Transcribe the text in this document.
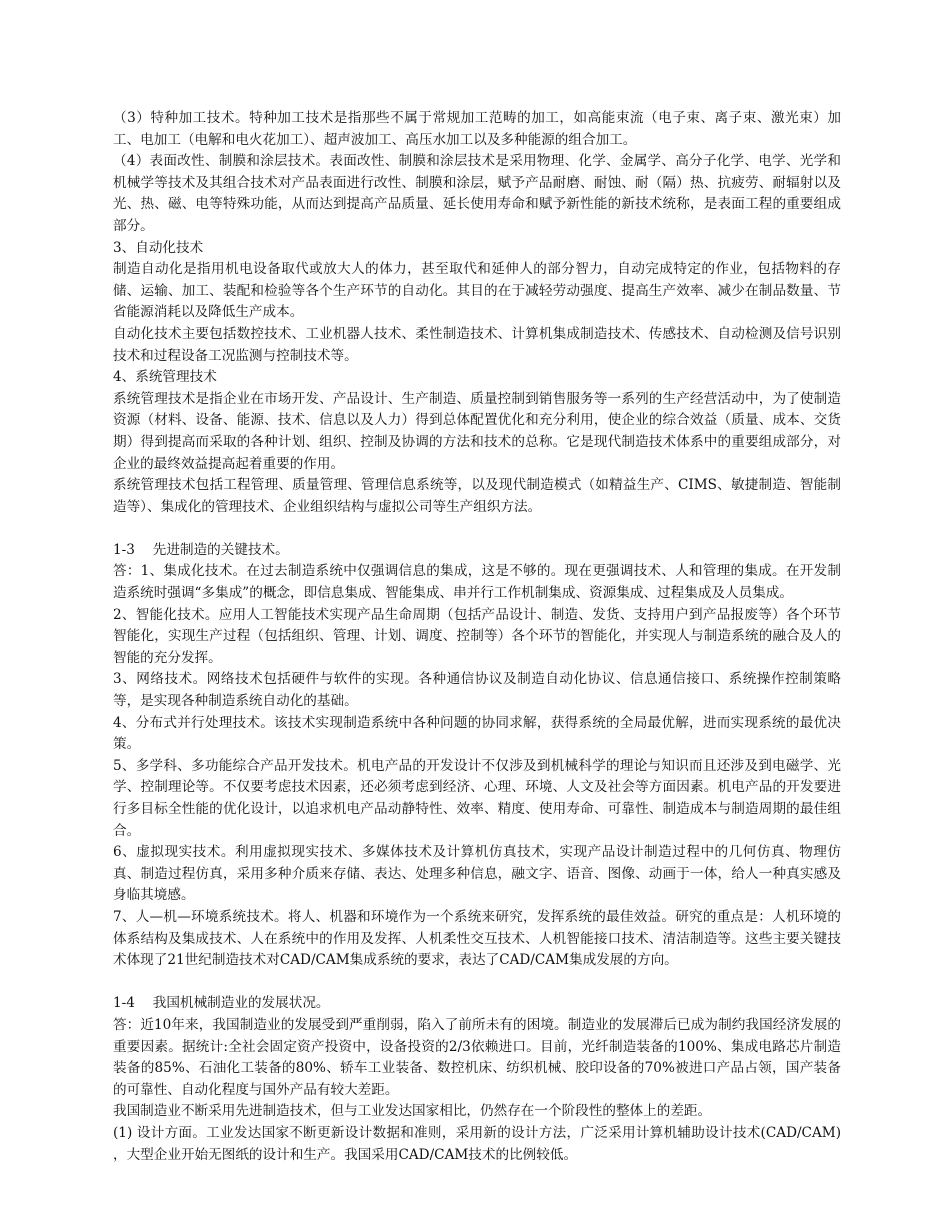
（3）特种加工技术。特种加工技术是指那些不属于常规加工范畴的加工，如高能束流（电子束、离子束、激光束）加工、电加工（电解和电火花加工）、超声波加工、高压水加工以及多种能源的组合加工。

（4）表面改性、制膜和涂层技术。表面改性、制膜和涂层技术是采用物理、化学、金属学、高分子化学、电学、光学和机械学等技术及其组合技术对产品表面进行改性、制膜和涂层，赋予产品耐磨、耐蚀、耐（隔）热、抗疲劳、耐辐射以及光、热、磁、电等特殊功能，从而达到提高产品质量、延长使用寿命和赋予新性能的新技术统称，是表面工程的重要组成部分。

3、自动化技术

制造自动化是指用机电设备取代或放大人的体力，甚至取代和延伸人的部分智力，自动完成特定的作业，包括物料的存储、运输、加工、装配和检验等各个生产环节的自动化。其目的在于减轻劳动强度、提高生产效率、减少在制品数量、节省能源消耗以及降低生产成本。

自动化技术主要包括数控技术、工业机器人技术、柔性制造技术、计算机集成制造技术、传感技术、自动检测及信号识别技术和过程设备工况监测与控制技术等。

4、系统管理技术

系统管理技术是指企业在市场开发、产品设计、生产制造、质量控制到销售服务等一系列的生产经营活动中，为了使制造资源（材料、设备、能源、技术、信息以及人力）得到总体配置优化和充分利用，使企业的综合效益（质量、成本、交货期）得到提高而采取的各种计划、组织、控制及协调的方法和技术的总称。它是现代制造技术体系中的重要组成部分，对企业的最终效益提高起着重要的作用。

系统管理技术包括工程管理、质量管理、管理信息系统等，以及现代制造模式（如精益生产、CIMS、敏捷制造、智能制造等）、集成化的管理技术、企业组织结构与虚拟公司等生产组织方法。

1-3　 先进制造的关键技术。

答：1、集成化技术。在过去制造系统中仅强调信息的集成，这是不够的。现在更强调技术、人和管理的集成。在开发制造系统时强调“多集成”的概念，即信息集成、智能集成、串并行工作机制集成、资源集成、过程集成及人员集成。

2、智能化技术。应用人工智能技术实现产品生命周期（包括产品设计、制造、发货、支持用户到产品报废等）各个环节智能化，实现生产过程（包括组织、管理、计划、调度、控制等）各个环节的智能化，并实现人与制造系统的融合及人的智能的充分发挥。

3、网络技术。网络技术包括硬件与软件的实现。各种通信协议及制造自动化协议、信息通信接口、系统操作控制策略等，是实现各种制造系统自动化的基础。

4、分布式并行处理技术。该技术实现制造系统中各种问题的协同求解，获得系统的全局最优解，进而实现系统的最优决策。

5、多学科、多功能综合产品开发技术。机电产品的开发设计不仅涉及到机械科学的理论与知识而且还涉及到电磁学、光学、控制理论等。不仅要考虑技术因素，还必须考虑到经济、心理、环境、人文及社会等方面因素。机电产品的开发要进行多目标全性能的优化设计，以追求机电产品动静特性、效率、精度、使用寿命、可靠性、制造成本与制造周期的最佳组合。

6、虚拟现实技术。利用虚拟现实技术、多媒体技术及计算机仿真技术，实现产品设计制造过程中的几何仿真、物理仿真、制造过程仿真，采用多种介质来存储、表达、处理多种信息，融文字、语音、图像、动画于一体，给人一种真实感及身临其境感。

7、人—机—环境系统技术。将人、机器和环境作为一个系统来研究，发挥系统的最佳效益。研究的重点是：人机环境的体系结构及集成技术、人在系统中的作用及发挥、人机柔性交互技术、人机智能接口技术、清洁制造等。这些主要关键技术体现了21世纪制造技术对CAD/CAM集成系统的要求，表达了CAD/CAM集成发展的方向。

1-4　 我国机械制造业的发展状况。

答：近10年来，我国制造业的发展受到严重削弱，陷入了前所未有的困境。制造业的发展滞后已成为制约我国经济发展的重要因素。据统计:全社会固定资产投资中，设备投资的2/3依赖进口。目前，光纤制造装备的100%、集成电路芯片制造装备的85%、石油化工装备的80%、轿车工业装备、数控机床、纺织机械、胶印设备的70%被进口产品占领，国产装备的可靠性、自动化程度与国外产品有较大差距。

我国制造业不断采用先进制造技术，但与工业发达国家相比，仍然存在一个阶段性的整体上的差距。

(1) 设计方面。工业发达国家不断更新设计数据和准则，采用新的设计方法，广泛采用计算机辅助设计技术(CAD/CAM) ，大型企业开始无图纸的设计和生产。我国采用CAD/CAM技术的比例较低。
